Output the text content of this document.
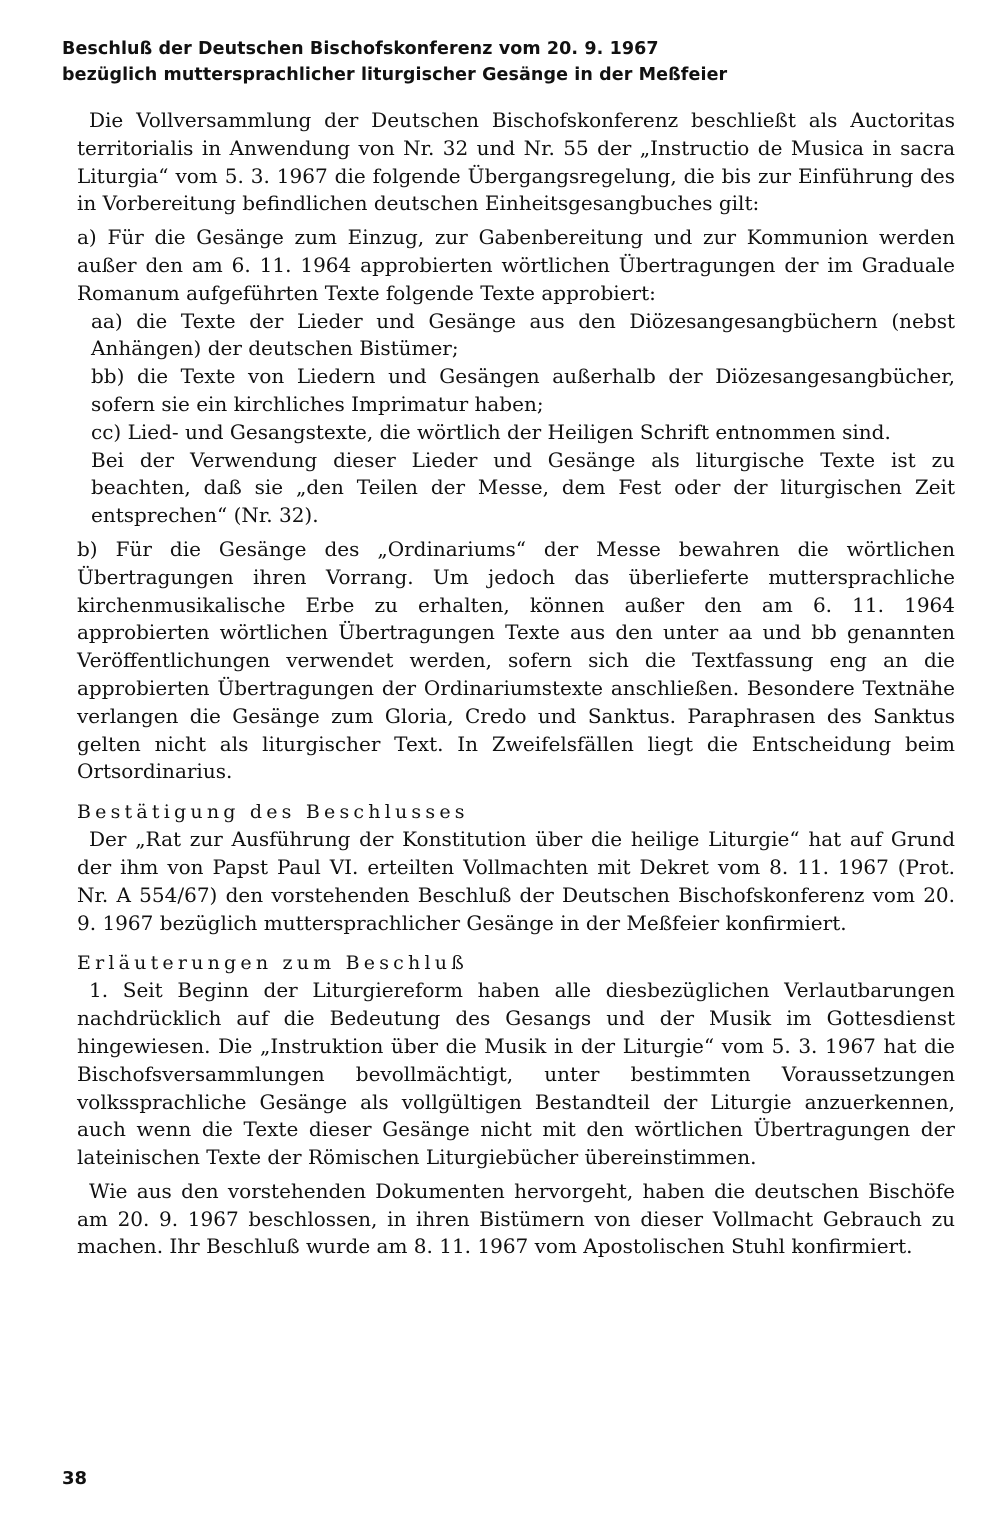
Beschluß der Deutschen Bischofskonferenz vom 20. 9. 1967
bezüglich muttersprachlicher liturgischer Gesänge in der Meßfeier

Die Vollversammlung der Deutschen Bischofskonferenz beschließt als Auctoritas territorialis in Anwendung von Nr. 32 und Nr. 55 der „Instructio de Musica in sacra Liturgia“ vom 5. 3. 1967 die folgende Übergangsregelung, die bis zur Einführung des in Vorbereitung befindlichen deutschen Einheitsgesangbuches gilt:

a) Für die Gesänge zum Einzug, zur Gabenbereitung und zur Kommunion werden außer den am 6. 11. 1964 approbierten wörtlichen Übertragungen der im Graduale Romanum aufgeführten Texte folgende Texte approbiert:

aa) die Texte der Lieder und Gesänge aus den Diözesangesangbüchern (nebst Anhängen) der deutschen Bistümer;

bb) die Texte von Liedern und Gesängen außerhalb der Diözesangesangbücher, sofern sie ein kirchliches Imprimatur haben;

cc) Lied- und Gesangstexte, die wörtlich der Heiligen Schrift entnommen sind.

Bei der Verwendung dieser Lieder und Gesänge als liturgische Texte ist zu beachten, daß sie „den Teilen der Messe, dem Fest oder der liturgischen Zeit entsprechen“ (Nr. 32).

b) Für die Gesänge des „Ordinariums“ der Messe bewahren die wörtlichen Übertragungen ihren Vorrang. Um jedoch das überlieferte muttersprachliche kirchenmusikalische Erbe zu erhalten, können außer den am 6. 11. 1964 approbierten wörtlichen Übertragungen Texte aus den unter aa und bb genannten Veröffentlichungen verwendet werden, sofern sich die Textfassung eng an die approbierten Übertragungen der Ordinariumstexte anschließen. Besondere Textnähe verlangen die Gesänge zum Gloria, Credo und Sanktus. Paraphrasen des Sanktus gelten nicht als liturgischer Text. In Zweifelsfällen liegt die Entscheidung beim Ortsordinarius.

Bestätigung des Beschlusses

Der „Rat zur Ausführung der Konstitution über die heilige Liturgie“ hat auf Grund der ihm von Papst Paul VI. erteilten Vollmachten mit Dekret vom 8. 11. 1967 (Prot. Nr. A 554/67) den vorstehenden Beschluß der Deutschen Bischofskonferenz vom 20. 9. 1967 bezüglich muttersprachlicher Gesänge in der Meßfeier konfirmiert.

Erläuterungen zum Beschluß

1. Seit Beginn der Liturgiereform haben alle diesbezüglichen Verlautbarungen nachdrücklich auf die Bedeutung des Gesangs und der Musik im Gottesdienst hingewiesen. Die „Instruktion über die Musik in der Liturgie“ vom 5. 3. 1967 hat die Bischofsversammlungen bevollmächtigt, unter bestimmten Voraussetzungen volkssprachliche Gesänge als vollgültigen Bestandteil der Liturgie anzuerkennen, auch wenn die Texte dieser Gesänge nicht mit den wörtlichen Übertragungen der lateinischen Texte der Römischen Liturgiebücher übereinstimmen.

Wie aus den vorstehenden Dokumenten hervorgeht, haben die deutschen Bischöfe am 20. 9. 1967 beschlossen, in ihren Bistümern von dieser Vollmacht Gebrauch zu machen. Ihr Beschluß wurde am 8. 11. 1967 vom Apostolischen Stuhl konfirmiert.

38
